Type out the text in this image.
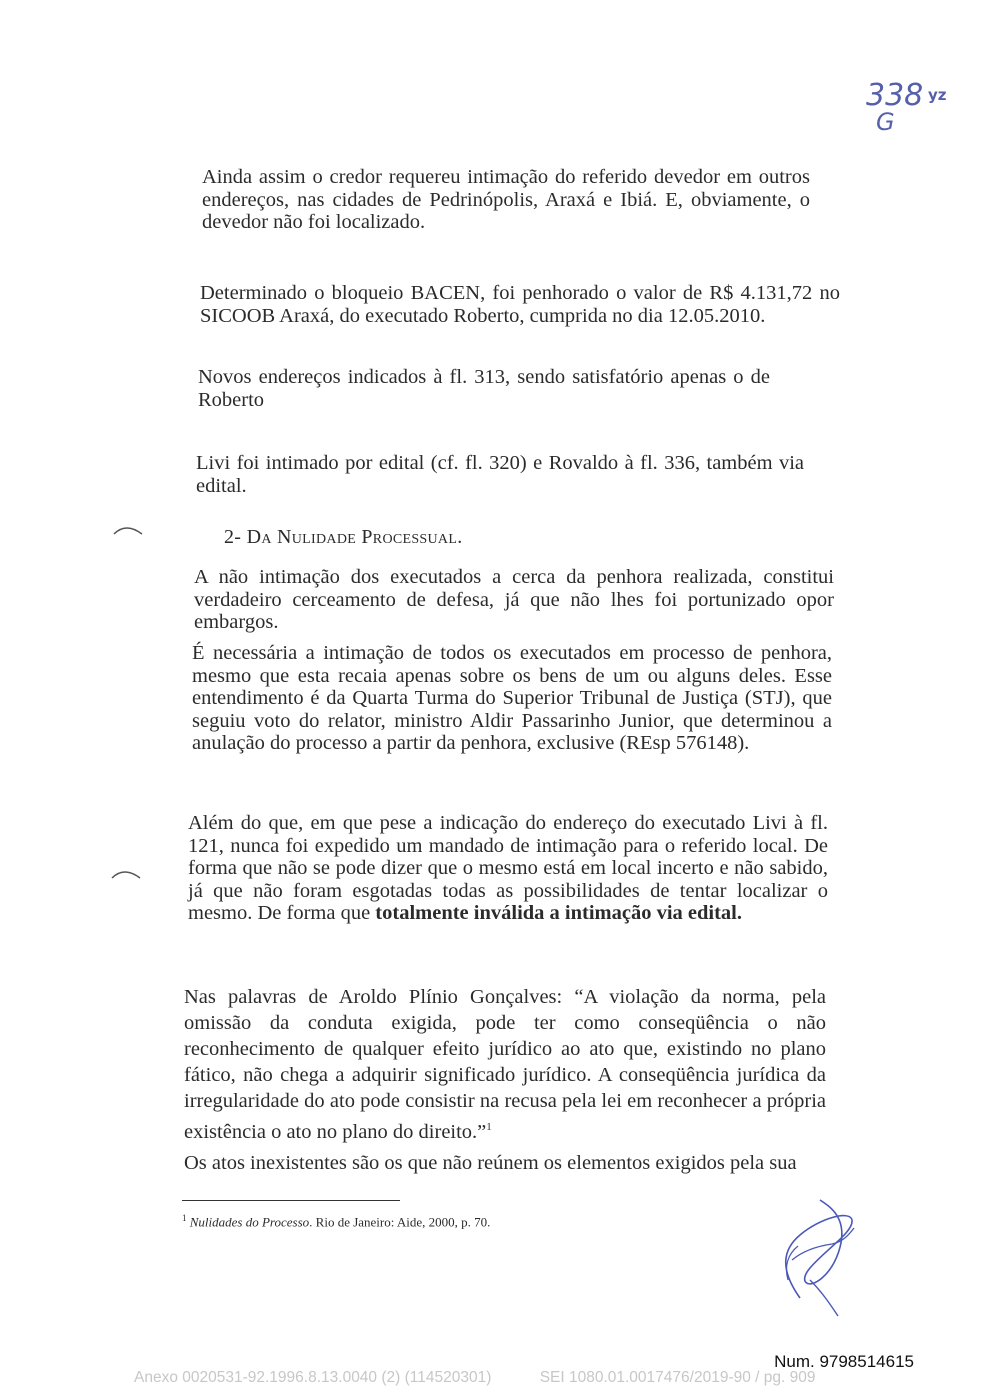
338 yz
G

Ainda assim o credor requereu intimação do referido devedor em outros endereços, nas cidades de Pedrinópolis, Araxá e Ibiá. E, obviamente, o devedor não foi localizado.

Determinado o bloqueio BACEN, foi penhorado o valor de R$ 4.131,72 no SICOOB Araxá, do executado Roberto, cumprida no dia 12.05.2010.

Novos endereços indicados à fl. 313, sendo satisfatório apenas o de Roberto

Livi foi intimado por edital (cf. fl. 320) e Rovaldo à fl. 336, também via edital.

2- Da Nulidade Processual.

A não intimação dos executados a cerca da penhora realizada, constitui verdadeiro cerceamento de defesa, já que não lhes foi portunizado opor embargos.

É necessária a intimação de todos os executados em processo de penhora, mesmo que esta recaia apenas sobre os bens de um ou alguns deles. Esse entendimento é da Quarta Turma do Superior Tribunal de Justiça (STJ), que seguiu voto do relator, ministro Aldir Passarinho Junior, que determinou a anulação do processo a partir da penhora, exclusive (REsp 576148).

Além do que, em que pese a indicação do endereço do executado Livi à fl. 121, nunca foi expedido um mandado de intimação para o referido local. De forma que não se pode dizer que o mesmo está em local incerto e não sabido, já que não foram esgotadas todas as possibilidades de tentar localizar o mesmo. De forma que totalmente inválida a intimação via edital.

Nas palavras de Aroldo Plínio Gonçalves: “A violação da norma, pela omissão da conduta exigida, pode ter como conseqüência o não reconhecimento de qualquer efeito jurídico ao ato que, existindo no plano fático, não chega a adquirir significado jurídico. A conseqüência jurídica da irregularidade do ato pode consistir na recusa pela lei em reconhecer a própria existência o ato no plano do direito.”$^1$

Os atos inexistentes são os que não reúnem os elementos exigidos pela sua

$^1$ Nulidades do Processo. Rio de Janeiro: Aide, 2000, p. 70.
Num. 9798514615
Anexo 0020531-92.1996.8.13.0040 (2) (114520301)	SEI 1080.01.0017476/2019-90 / pg. 909
